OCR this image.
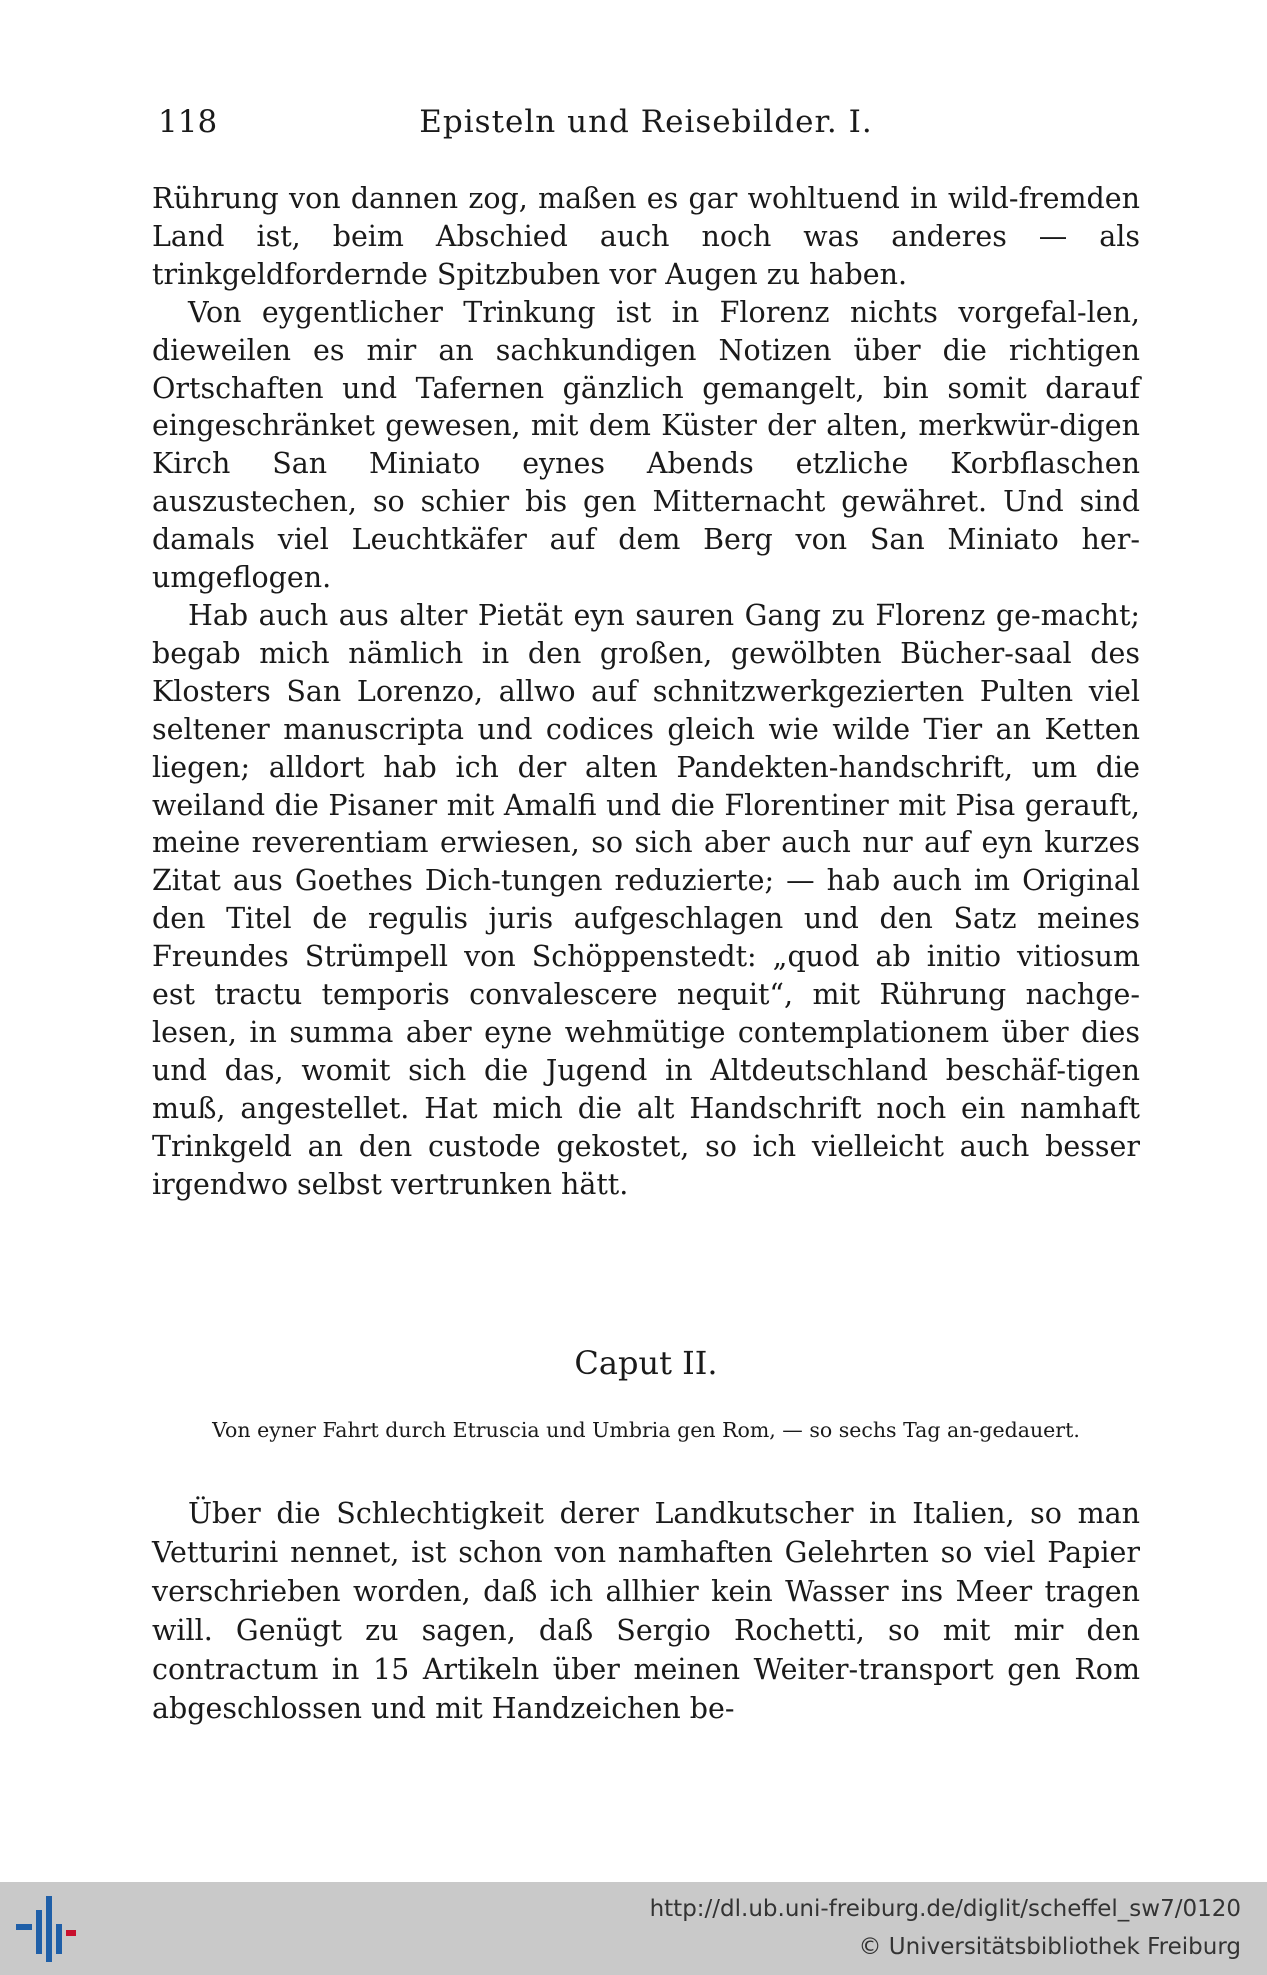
118	Episteln und Reisebilder. I.

Rührung von dannen zog, maßen es gar wohltuend in wild-fremden Land ist, beim Abschied auch noch was anderes — als trinkgeldfordernde Spitzbuben vor Augen zu haben.

Von eygentlicher Trinkung ist in Florenz nichts vorgefal-len, dieweilen es mir an sachkundigen Notizen über die richtigen Ortschaften und Tafernen gänzlich gemangelt, bin somit darauf eingeschränket gewesen, mit dem Küster der alten, merkwür-digen Kirch San Miniato eynes Abends etzliche Korbflaschen auszustechen, so schier bis gen Mitternacht gewähret. Und sind damals viel Leuchtkäfer auf dem Berg von San Miniato her-umgeflogen.

Hab auch aus alter Pietät eyn sauren Gang zu Florenz ge-macht; begab mich nämlich in den großen, gewölbten Bücher-saal des Klosters San Lorenzo, allwo auf schnitzwerkgezierten Pulten viel seltener manuscripta und codices gleich wie wilde Tier an Ketten liegen; alldort hab ich der alten Pandekten-handschrift, um die weiland die Pisaner mit Amalfi und die Florentiner mit Pisa gerauft, meine reverentiam erwiesen, so sich aber auch nur auf eyn kurzes Zitat aus Goethes Dich-tungen reduzierte; — hab auch im Original den Titel de regulis juris aufgeschlagen und den Satz meines Freundes Strümpell von Schöppenstedt: „quod ab initio vitiosum est tractu temporis convalescere nequit“, mit Rührung nachge-lesen, in summa aber eyne wehmütige contemplationem über dies und das, womit sich die Jugend in Altdeutschland beschäf-tigen muß, angestellet. Hat mich die alt Handschrift noch ein namhaft Trinkgeld an den custode gekostet, so ich vielleicht auch besser irgendwo selbst vertrunken hätt.

Caput II.
Von eyner Fahrt durch Etruscia und Umbria gen Rom, — so sechs Tag an-gedauert.

Über die Schlechtigkeit derer Landkutscher in Italien, so man Vetturini nennet, ist schon von namhaften Gelehrten so viel Papier verschrieben worden, daß ich allhier kein Wasser ins Meer tragen will. Genügt zu sagen, daß Sergio Rochetti, so mit mir den contractum in 15 Artikeln über meinen Weiter-transport gen Rom abgeschlossen und mit Handzeichen be-

http://dl.ub.uni-freiburg.de/diglit/scheffel_sw7/0120
© Universitätsbibliothek Freiburg
